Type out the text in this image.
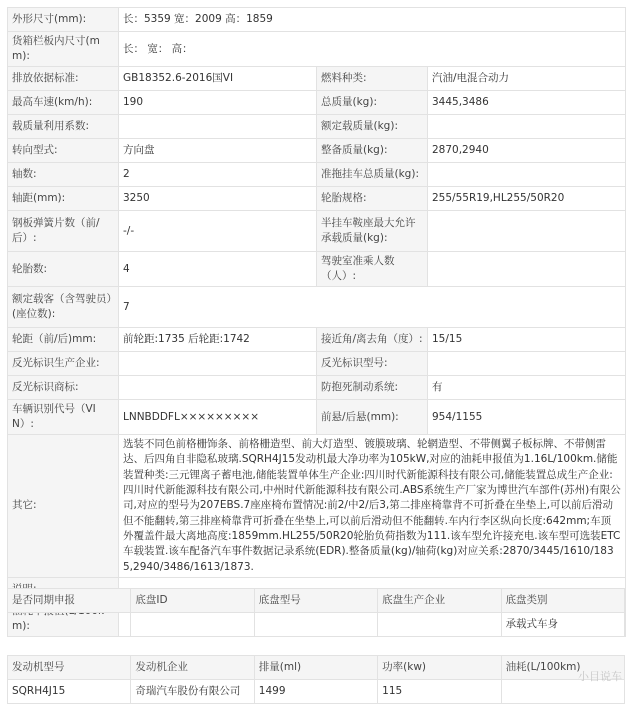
外形尺寸(mm):	长：5359 宽：2009 高：1859		
货箱栏板内尺寸(mm):	长： 宽： 高：		
排放依据标准:	GB18352.6-2016国VI	燃料种类:	汽油/电混合动力
最高车速(km/h):	190	总质量(kg):	3445,3486
载质量利用系数:		额定载质量(kg):	
转向型式:	方向盘	整备质量(kg):	2870,2940
轴数:	2	准拖挂车总质量(kg):	
轴距(mm):	3250	轮胎规格:	255/55R19,HL255/50R20
钢板弹簧片数（前/后）:	-/-	半挂车鞍座最大允许承载质量(kg):	
轮胎数:	4	驾驶室准乘人数（人）:	
额定载客（含驾驶员）(座位数):	7		
轮距（前/后)mm:	前轮距:1735 后轮距:1742	接近角/离去角（度）:	15/15
反光标识生产企业:		反光标识型号:	
反光标识商标:		防抱死制动系统:	有
车辆识别代号（VIN）:	LNNBDDFL×××××××××	前悬/后悬(mm):	954/1155
其它:	选装不同色前格栅饰条、前格栅造型、前大灯造型、镀膜玻璃、轮辋造型、不带侧翼子板标牌、不带侧雷达、后四角自非隐私玻璃.SQRH4J15发动机最大净功率为105kW,对应的油耗申报值为1.16L/100km.储能装置种类:三元锂离子蓄电池,储能装置单体生产企业:四川时代新能源科技有限公司,储能装置总成生产企业:四川时代新能源科技有限公司,中州时代新能源科技有限公司.ABS系统生产厂家为博世汽车部件(苏州)有限公司,对应的型号为207EBS.7座座椅布置情况:前2/中2/后3,第二排座椅靠背不可折叠在坐垫上,可以前后滑动但不能翻转,第三排座椅靠背可折叠在坐垫上,可以前后滑动但不能翻转.车内行李区纵向长度:642mm;车顶外覆盖件最大离地高度:1859mm.HL255/50R20轮胎负荷指数为111.该车型允许接充电.该车型可选装ETC车载装置.该车配备汽车事件数据记录系统(EDR).整备质量(kg)/轴荷(kg)对应关系:2870/3445/1610/1835,2940/3486/1613/1873.		

m):			
是否同期申报	底盘ID	底盘型号	底盘生产企业	底盘类别
				承载式车身
发动机型号	发动机企业	排量(ml)	功率(kw)	油耗(L/100km)
SQRH4J15	奇瑞汽车股份有限公司	1499	115	
小目说车
